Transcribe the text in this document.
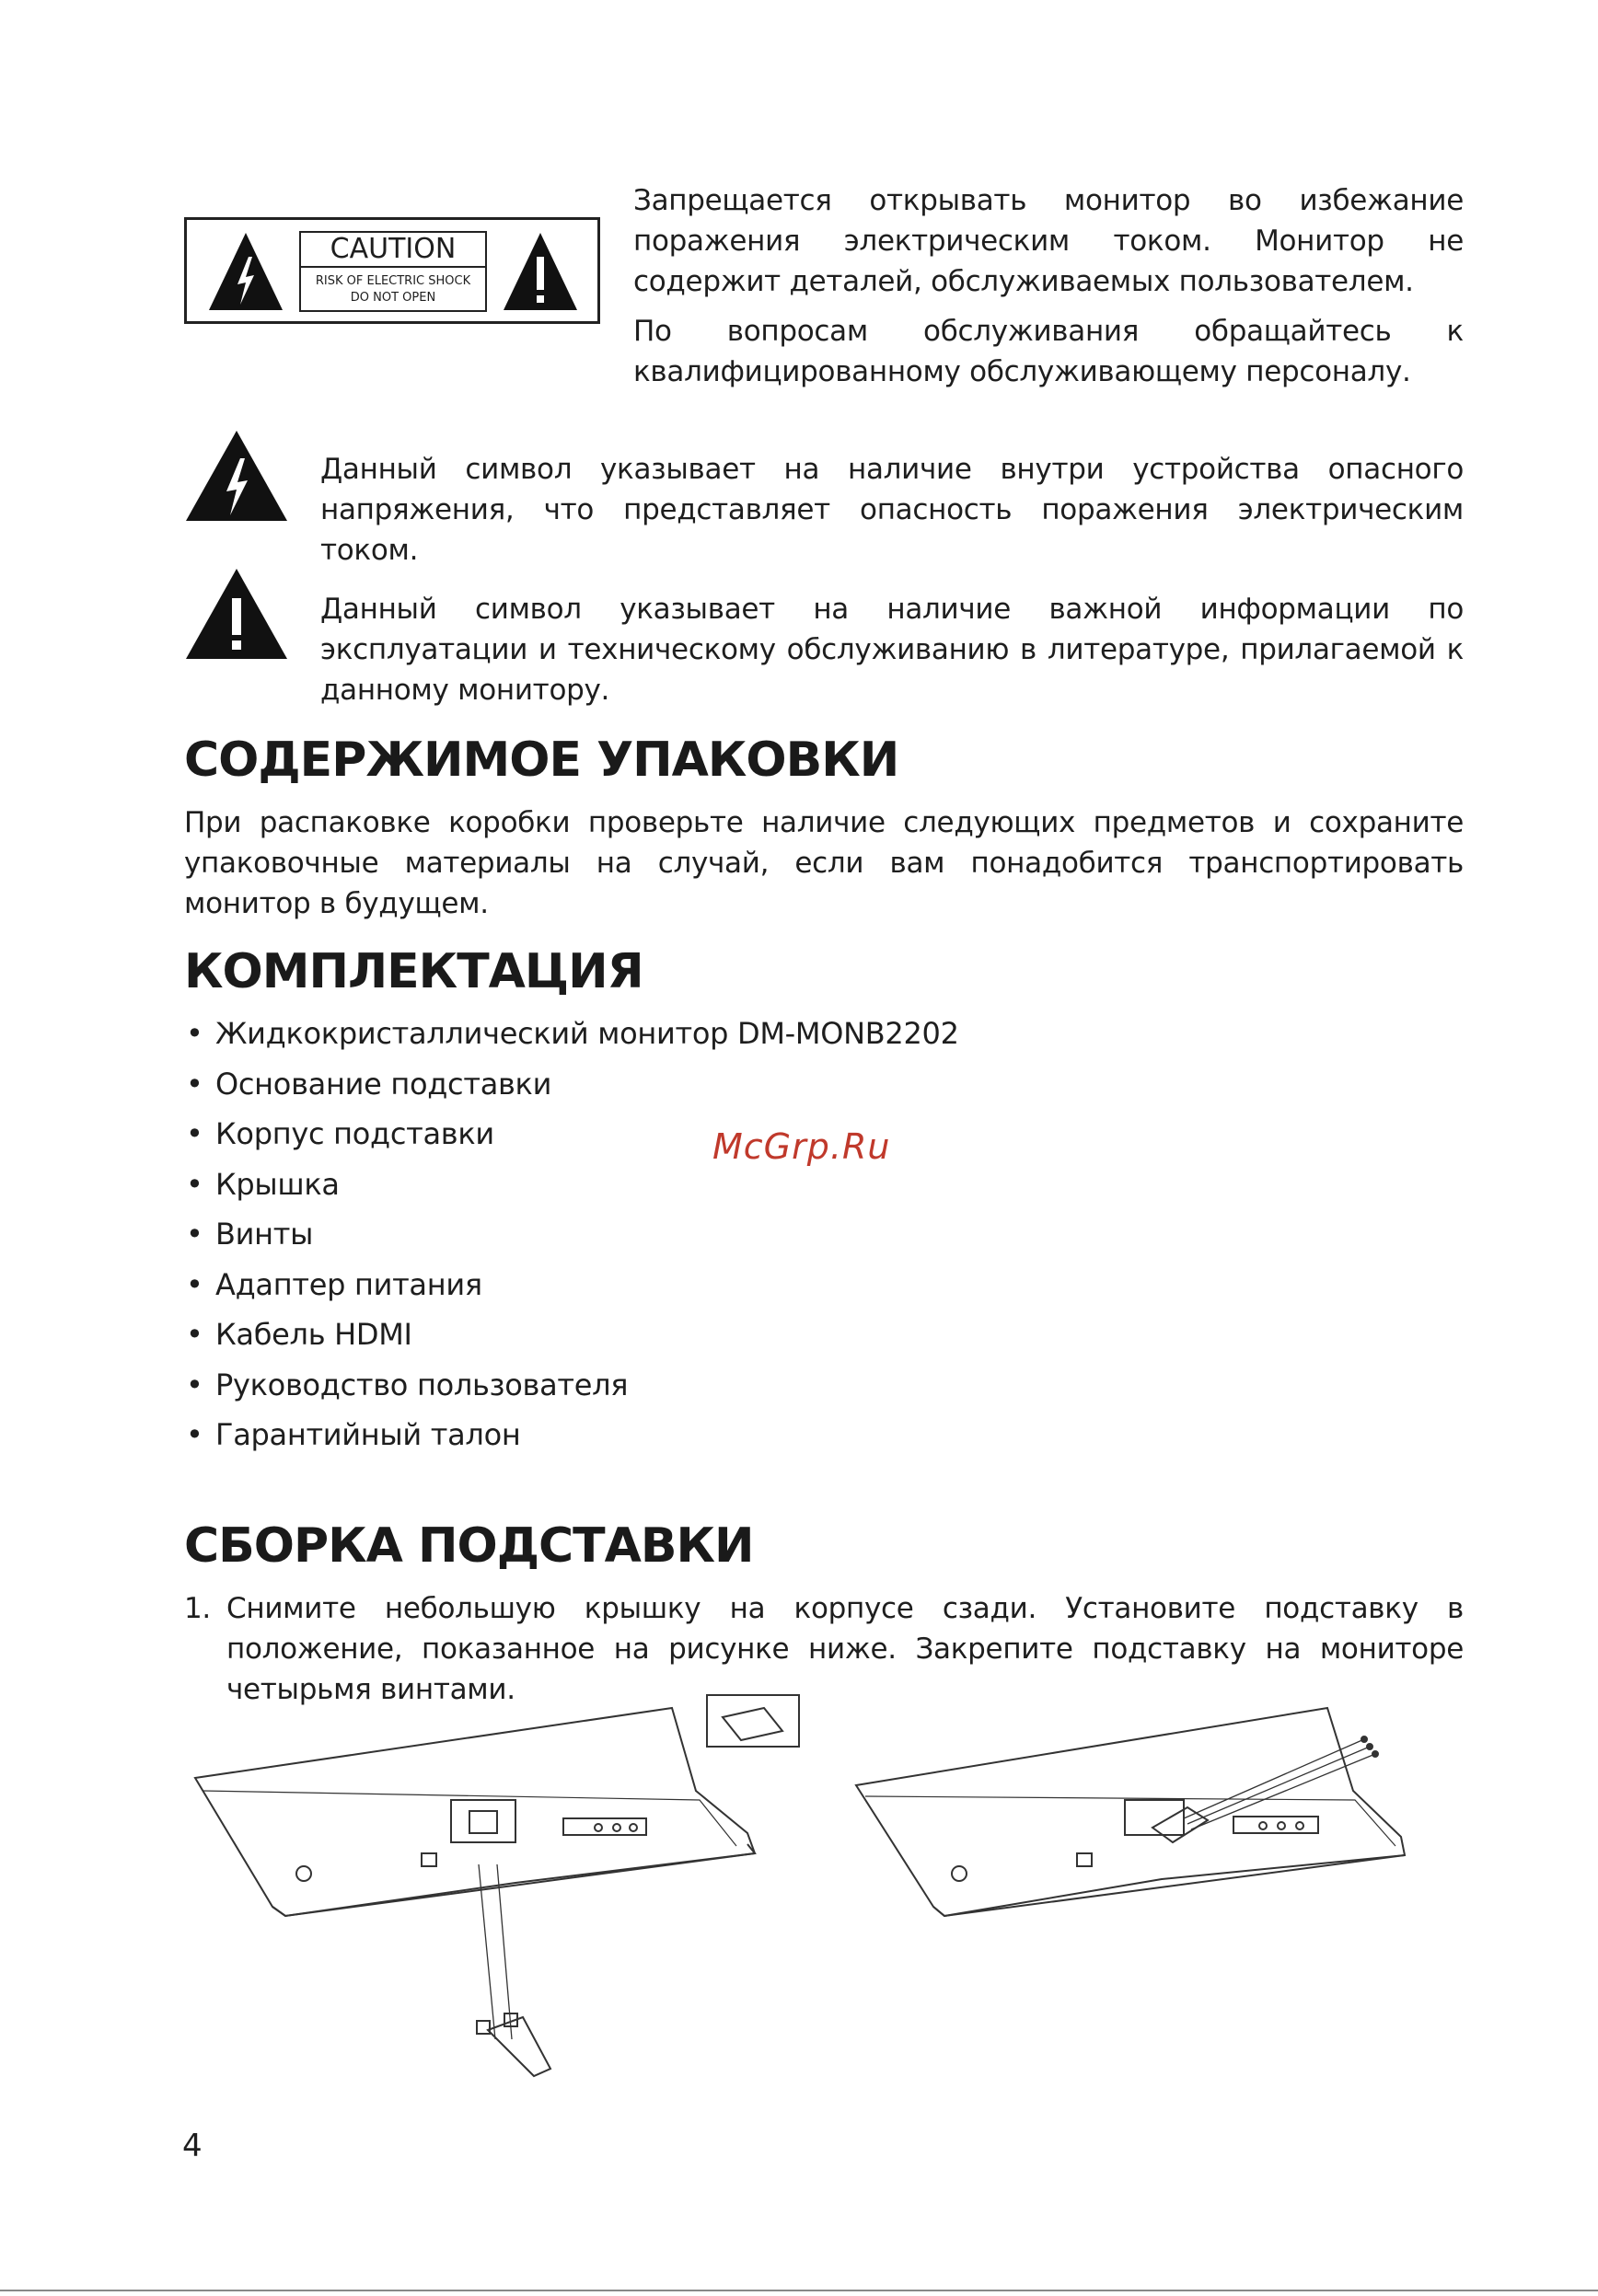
CAUTION
RISK OF ELECTRIC SHOCK
DO NOT OPEN

Запрещается открывать монитор во избежание поражения электрическим током. Монитор не содержит деталей, обслуживаемых пользователем.

По вопросам обслуживания обращайтесь к квалифицированному обслуживающему персоналу.

Данный символ указывает на наличие внутри устройства опасного напряжения, что представляет опасность поражения электрическим током.

Данный символ указывает на наличие важной информации по эксплуатации и техническому обслуживанию в литературе, прилагаемой к данному монитору.

СОДЕРЖИМОЕ УПАКОВКИ

При распаковке коробки проверьте наличие следующих предметов и сохраните упаковочные материалы на случай, если вам понадобится транспортировать монитор в будущем.

КОМПЛЕКТАЦИЯ
• Жидкокристаллический монитор DM-MONB2202
• Основание подставки
• Корпус подставки
• Крышка
• Винты
• Адаптер питания
• Кабель HDMI
• Руководство пользователя
• Гарантийный талон
McGrp.Ru
СБОРКА ПОДСТАВКИ
1. Снимите небольшую крышку на корпусе сзади. Установите подставку в положение, показанное на рисунке ниже. Закрепите подставку на мониторе четырьмя винтами.

4
